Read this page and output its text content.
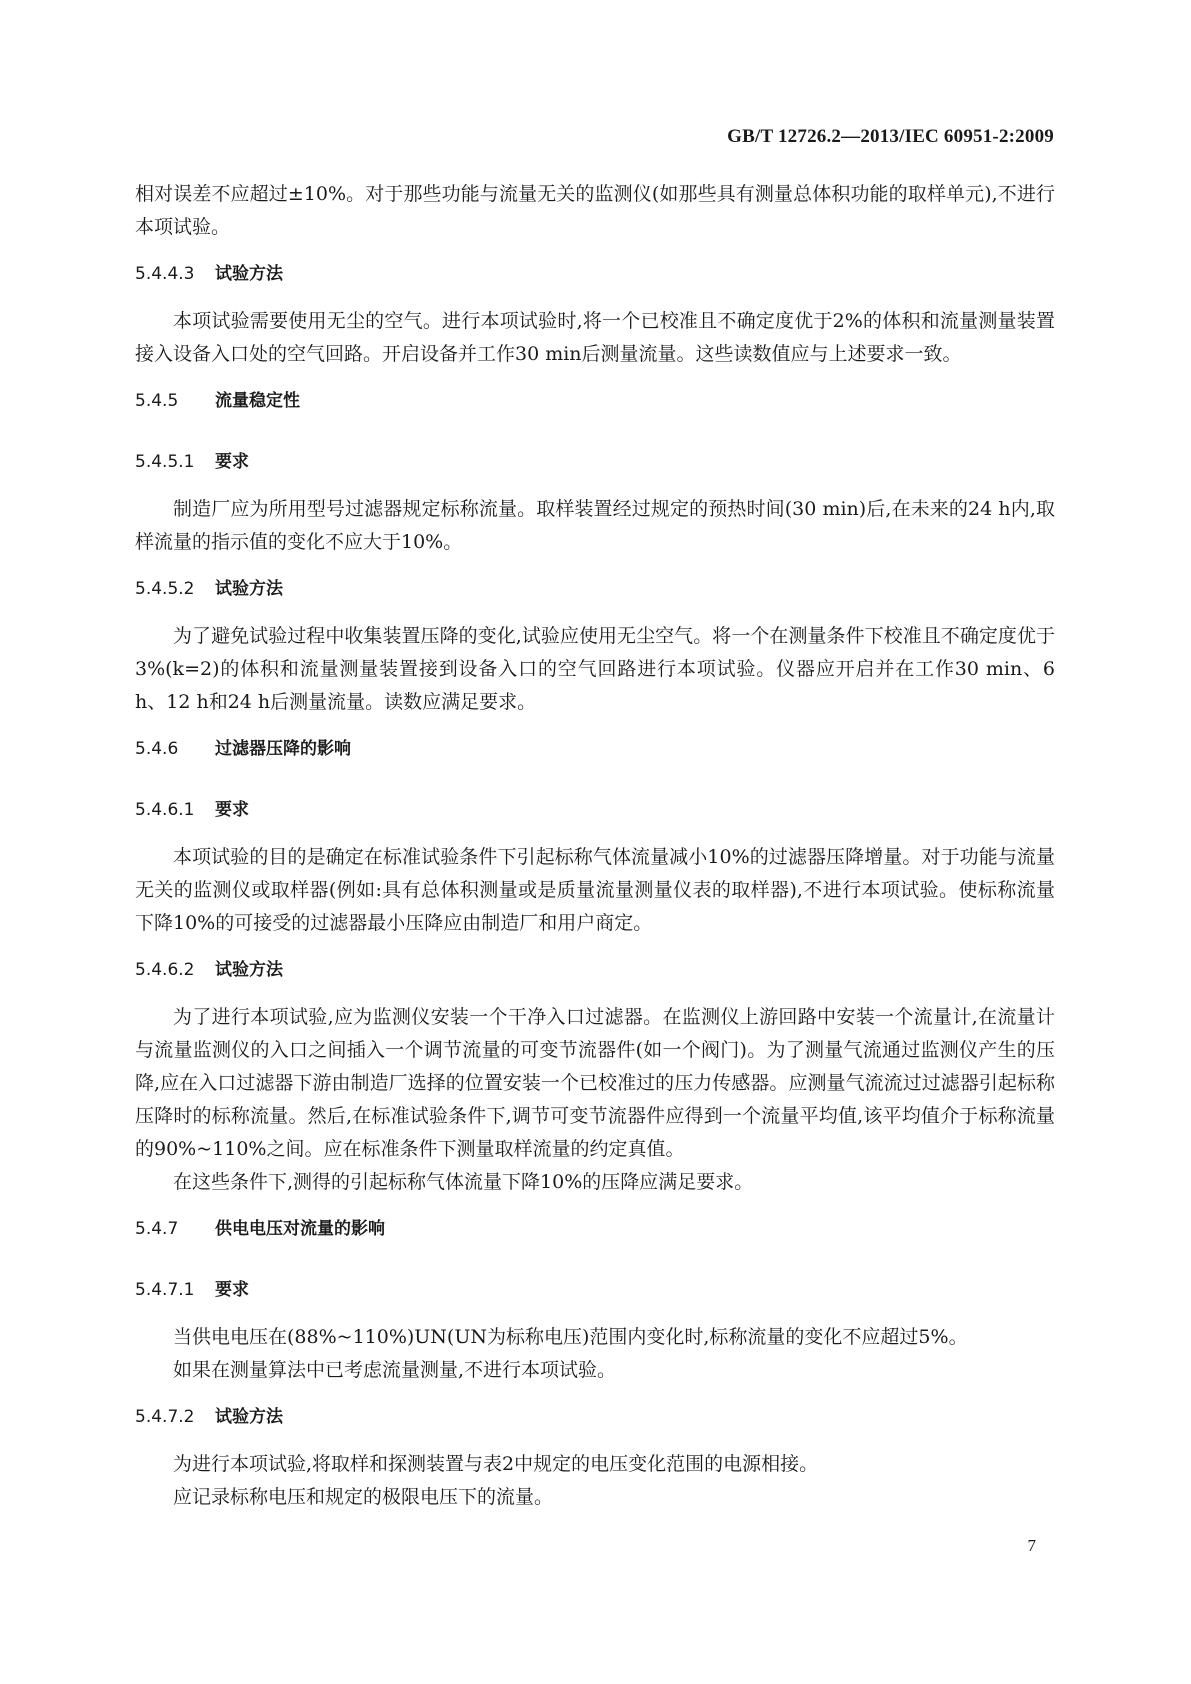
GB/T 12726.2—2013/IEC 60951-2:2009

相对误差不应超过±10%。对于那些功能与流量无关的监测仪(如那些具有测量总体积功能的取样单元),不进行本项试验。

5.4.4.3 试验方法

本项试验需要使用无尘的空气。进行本项试验时,将一个已校准且不确定度优于2%的体积和流量测量装置接入设备入口处的空气回路。开启设备并工作30 min后测量流量。这些读数值应与上述要求一致。

5.4.5 流量稳定性
5.4.5.1 要求

制造厂应为所用型号过滤器规定标称流量。取样装置经过规定的预热时间(30 min)后,在未来的24 h内,取样流量的指示值的变化不应大于10%。

5.4.5.2 试验方法

为了避免试验过程中收集装置压降的变化,试验应使用无尘空气。将一个在测量条件下校准且不确定度优于3%(k=2)的体积和流量测量装置接到设备入口的空气回路进行本项试验。仪器应开启并在工作30 min、6 h、12 h和24 h后测量流量。读数应满足要求。

5.4.6 过滤器压降的影响
5.4.6.1 要求

本项试验的目的是确定在标准试验条件下引起标称气体流量减小10%的过滤器压降增量。对于功能与流量无关的监测仪或取样器(例如:具有总体积测量或是质量流量测量仪表的取样器),不进行本项试验。使标称流量下降10%的可接受的过滤器最小压降应由制造厂和用户商定。

5.4.6.2 试验方法

为了进行本项试验,应为监测仪安装一个干净入口过滤器。在监测仪上游回路中安装一个流量计,在流量计与流量监测仪的入口之间插入一个调节流量的可变节流器件(如一个阀门)。为了测量气流通过监测仪产生的压降,应在入口过滤器下游由制造厂选择的位置安装一个已校准过的压力传感器。应测量气流流过过滤器引起标称压降时的标称流量。然后,在标准试验条件下,调节可变节流器件应得到一个流量平均值,该平均值介于标称流量的90%~110%之间。应在标准条件下测量取样流量的约定真值。

在这些条件下,测得的引起标称气体流量下降10%的压降应满足要求。

5.4.7 供电电压对流量的影响
5.4.7.1 要求

当供电电压在(88%~110%)UN(UN为标称电压)范围内变化时,标称流量的变化不应超过5%。

如果在测量算法中已考虑流量测量,不进行本项试验。

5.4.7.2 试验方法

为进行本项试验,将取样和探测装置与表2中规定的电压变化范围的电源相接。

应记录标称电压和规定的极限电压下的流量。

7
